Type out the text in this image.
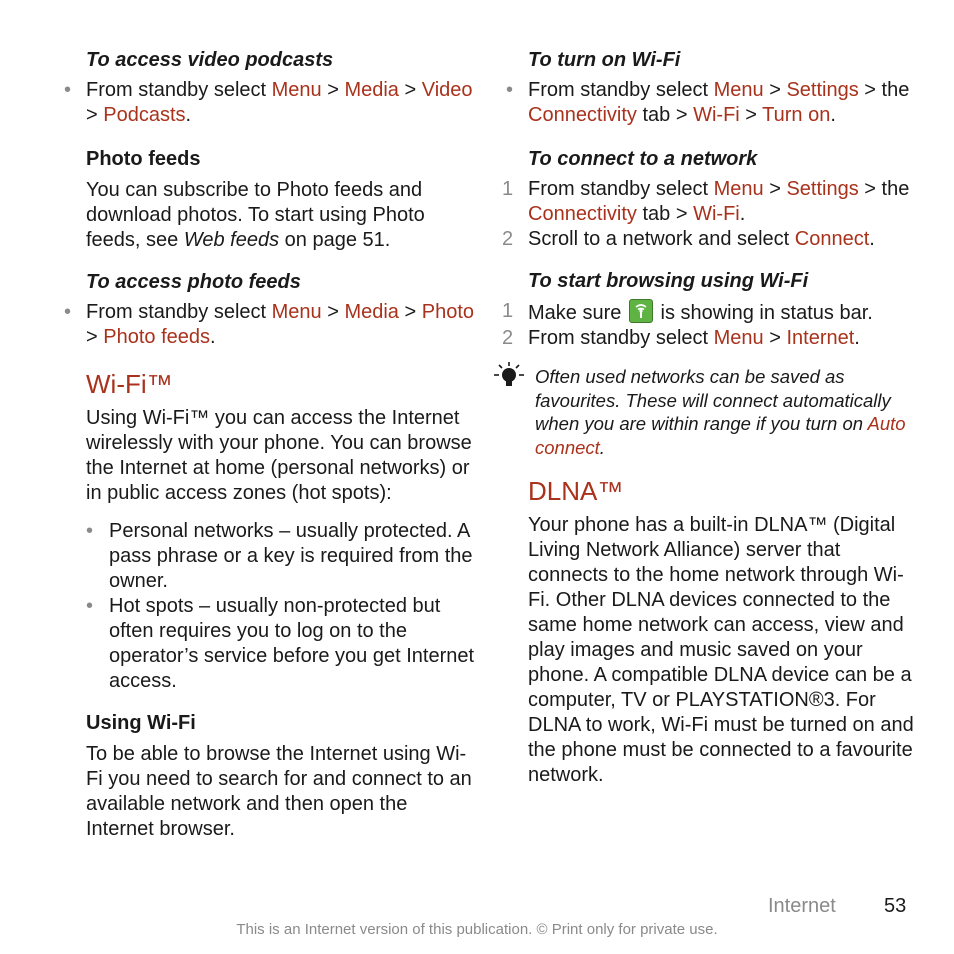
To access video podcasts
• From standby select Menu > Media > Video > Podcasts.
Photo feeds

You can subscribe to Photo feeds and download photos. To start using Photo feeds, see Web feeds on page 51.

To access photo feeds
• From standby select Menu > Media > Photo > Photo feeds.
Wi-Fi™

Using Wi-Fi™ you can access the Internet wirelessly with your phone. You can browse the Internet at home (personal networks) or in public access zones (hot spots):

• Personal networks – usually protected. A pass phrase or a key is required from the owner.
• Hot spots – usually non-protected but often requires you to log on to the operator’s service before you get Internet access.
Using Wi-Fi

To be able to browse the Internet using Wi-Fi you need to search for and connect to an available network and then open the Internet browser.

To turn on Wi-Fi
• From standby select Menu > Settings > the Connectivity tab > Wi-Fi > Turn on.
To connect to a network
1 From standby select Menu > Settings > the Connectivity tab > Wi-Fi.
2 Scroll to a network and select Connect.
To start browsing using Wi-Fi
1 Make sure
is showing in status bar.
2 From standby select Menu > Internet.
Often used networks can be saved as favourites. These will connect automatically when you are within range if you turn on Auto connect.
DLNA™

Your phone has a built-in DLNA™ (Digital Living Network Alliance) server that connects to the home network through Wi-Fi. Other DLNA devices connected to the same home network can access, view and play images and music saved on your phone. A compatible DLNA device can be a computer, TV or PLAYSTATION®3. For DLNA to work, Wi-Fi must be turned on and the phone must be connected to a favourite network.

Internet 53
This is an Internet version of this publication. © Print only for private use.
